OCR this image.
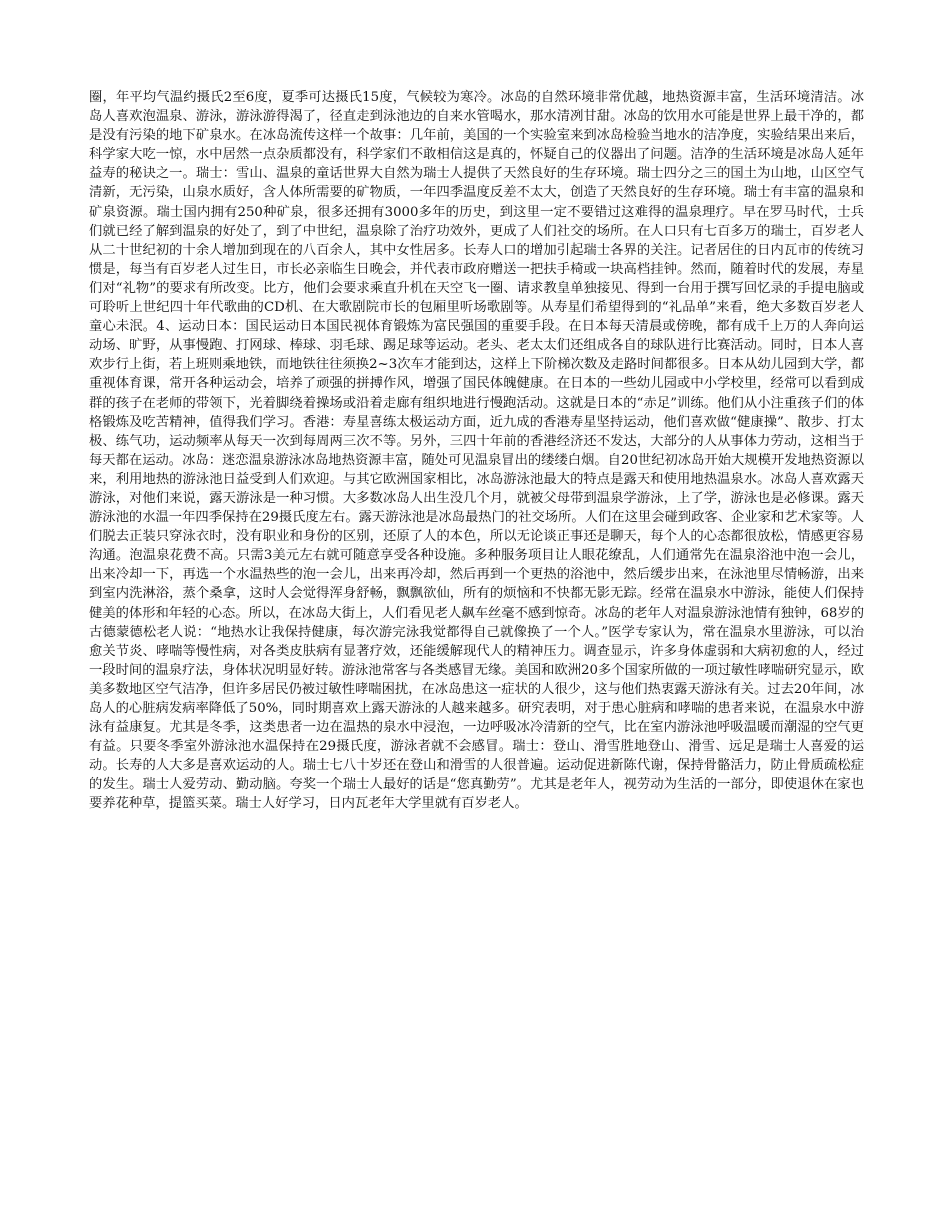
圈，年平均气温约摄氏2至6度，夏季可达摄氏15度，气候较为寒冷。冰岛的自然环境非常优越，地热资源丰富，生活环境清洁。冰岛人喜欢泡温泉、游泳，游泳游得渴了，径直走到泳池边的自来水管喝水，那水清冽甘甜。冰岛的饮用水可能是世界上最干净的，都是没有污染的地下矿泉水。在冰岛流传这样一个故事：几年前，美国的一个实验室来到冰岛检验当地水的洁净度，实验结果出来后，科学家大吃一惊，水中居然一点杂质都没有，科学家们不敢相信这是真的，怀疑自己的仪器出了问题。洁净的生活环境是冰岛人延年益寿的秘诀之一。瑞士：雪山、温泉的童话世界大自然为瑞士人提供了天然良好的生存环境。瑞士四分之三的国土为山地，山区空气清新，无污染，山泉水质好，含人体所需要的矿物质，一年四季温度反差不太大，创造了天然良好的生存环境。瑞士有丰富的温泉和矿泉资源。瑞士国内拥有250种矿泉，很多还拥有3000多年的历史，到这里一定不要错过这难得的温泉理疗。早在罗马时代，士兵们就已经了解到温泉的好处了，到了中世纪，温泉除了治疗功效外，更成了人们社交的场所。在人口只有七百多万的瑞士，百岁老人从二十世纪初的十余人增加到现在的八百余人，其中女性居多。长寿人口的增加引起瑞士各界的关注。记者居住的日内瓦市的传统习惯是，每当有百岁老人过生日，市长必亲临生日晚会，并代表市政府赠送一把扶手椅或一块高档挂钟。然而，随着时代的发展，寿星们对“礼物”的要求有所改变。比方，他们会要求乘直升机在天空飞一圈、请求教皇单独接见、得到一台用于撰写回忆录的手提电脑或可聆听上世纪四十年代歌曲的CD机、在大歌剧院市长的包厢里听场歌剧等。从寿星们希望得到的“礼品单”来看，绝大多数百岁老人童心未泯。4、运动日本：国民运动日本国民视体育锻炼为富民强国的重要手段。在日本每天清晨或傍晚，都有成千上万的人奔向运动场、旷野，从事慢跑、打网球、棒球、羽毛球、踢足球等运动。老头、老太太们还组成各自的球队进行比赛活动。同时，日本人喜欢步行上街，若上班则乘地铁，而地铁往往须换2~3次车才能到达，这样上下阶梯次数及走路时间都很多。日本从幼儿园到大学，都重视体育课，常开各种运动会，培养了顽强的拼搏作风，增强了国民体魄健康。在日本的一些幼儿园或中小学校里，经常可以看到成群的孩子在老师的带领下，光着脚绕着操场或沿着走廊有组织地进行慢跑活动。这就是日本的“赤足”训练。他们从小注重孩子们的体格锻炼及吃苦精神，值得我们学习。香港：寿星喜练太极运动方面，近九成的香港寿星坚持运动，他们喜欢做“健康操”、散步、打太极、练气功，运动频率从每天一次到每周两三次不等。另外，三四十年前的香港经济还不发达，大部分的人从事体力劳动，这相当于每天都在运动。冰岛：迷恋温泉游泳冰岛地热资源丰富，随处可见温泉冒出的缕缕白烟。自20世纪初冰岛开始大规模开发地热资源以来，利用地热的游泳池日益受到人们欢迎。与其它欧洲国家相比，冰岛游泳池最大的特点是露天和使用地热温泉水。冰岛人喜欢露天游泳，对他们来说，露天游泳是一种习惯。大多数冰岛人出生没几个月，就被父母带到温泉学游泳，上了学，游泳也是必修课。露天游泳池的水温一年四季保持在29摄氏度左右。露天游泳池是冰岛最热门的社交场所。人们在这里会碰到政客、企业家和艺术家等。人们脱去正装只穿泳衣时，没有职业和身份的区别，还原了人的本色，所以无论谈正事还是聊天，每个人的心态都很放松，情感更容易沟通。泡温泉花费不高。只需3美元左右就可随意享受各种设施。多种服务项目让人眼花缭乱，人们通常先在温泉浴池中泡一会儿，出来冷却一下，再选一个水温热些的泡一会儿，出来再冷却，然后再到一个更热的浴池中，然后缓步出来，在泳池里尽情畅游，出来到室内洗淋浴，蒸个桑拿，这时人会觉得浑身舒畅，飘飘欲仙，所有的烦恼和不快都无影无踪。经常在温泉水中游泳，能使人们保持健美的体形和年轻的心态。所以，在冰岛大街上，人们看见老人飙车丝毫不感到惊奇。冰岛的老年人对温泉游泳池情有独钟，68岁的古德蒙德松老人说：“地热水让我保持健康，每次游完泳我觉都得自己就像换了一个人。”医学专家认为，常在温泉水里游泳，可以治愈关节炎、哮喘等慢性病，对各类皮肤病有显著疗效，还能缓解现代人的精神压力。调查显示，许多身体虚弱和大病初愈的人，经过一段时间的温泉疗法，身体状况明显好转。游泳池常客与各类感冒无缘。美国和欧洲20多个国家所做的一项过敏性哮喘研究显示，欧美多数地区空气洁净，但许多居民仍被过敏性哮喘困扰，在冰岛患这一症状的人很少，这与他们热衷露天游泳有关。过去20年间，冰岛人的心脏病发病率降低了50%，同时期喜欢上露天游泳的人越来越多。研究表明，对于患心脏病和哮喘的患者来说，在温泉水中游泳有益康复。尤其是冬季，这类患者一边在温热的泉水中浸泡，一边呼吸冰冷清新的空气，比在室内游泳池呼吸温暖而潮湿的空气更有益。只要冬季室外游泳池水温保持在29摄氏度，游泳者就不会感冒。瑞士：登山、滑雪胜地登山、滑雪、远足是瑞士人喜爱的运动。长寿的人大多是喜欢运动的人。瑞士七八十岁还在登山和滑雪的人很普遍。运动促进新陈代谢，保持骨骼活力，防止骨质疏松症的发生。瑞士人爱劳动、勤动脑。夸奖一个瑞士人最好的话是“您真勤劳”。尤其是老年人，视劳动为生活的一部分，即使退休在家也要养花种草，提篮买菜。瑞士人好学习，日内瓦老年大学里就有百岁老人。
